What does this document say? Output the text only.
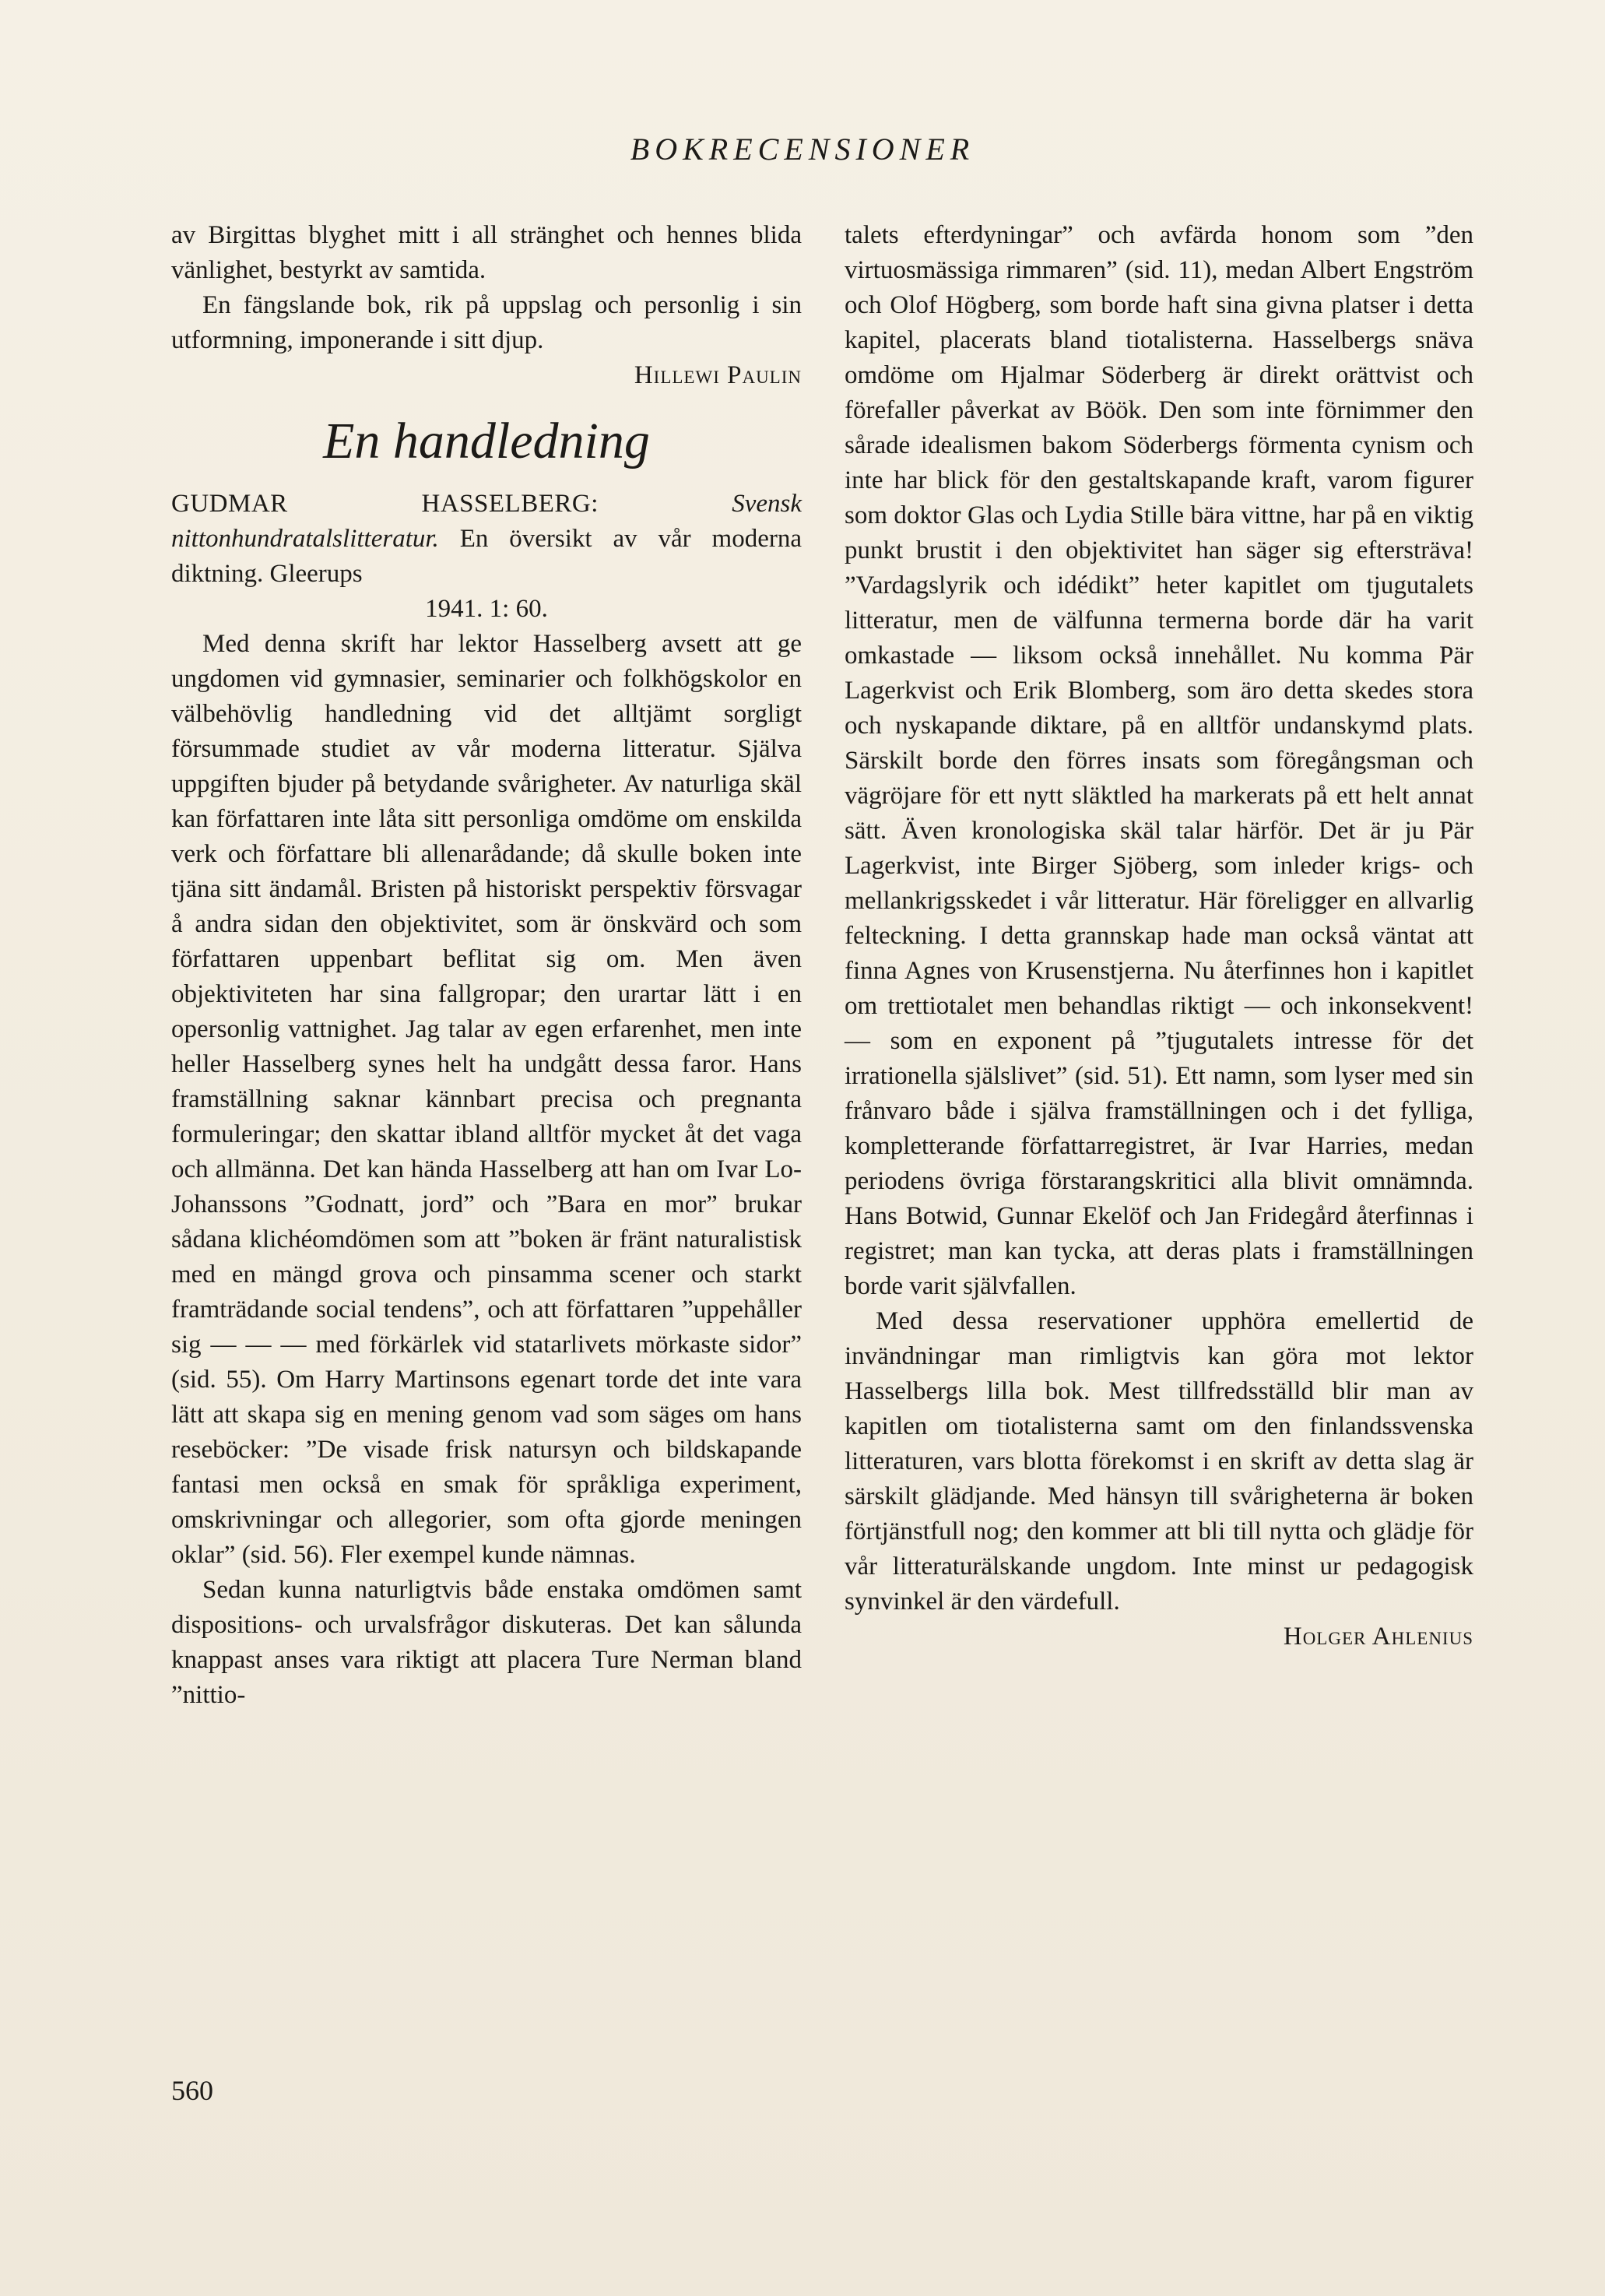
BOKRECENSIONER

av Birgittas blyghet mitt i all stränghet och hennes blida vänlighet, bestyrkt av samtida.

En fängslande bok, rik på uppslag och personlig i sin utformning, imponerande i sitt djup.

Hillewi Paulin

En handledning

GUDMAR HASSELBERG:	Svensk nittonhundratalslitteratur. En översikt av vår moderna diktning. Gleerups

1941. 1: 60.

Med denna skrift har lektor Hasselberg avsett att ge ungdomen vid gymnasier, seminarier och folkhögskolor en välbehövlig handledning vid det alltjämt sorgligt försummade studiet av vår moderna litteratur. Själva uppgiften bjuder på betydande svårigheter. Av naturliga skäl kan författaren inte låta sitt personliga omdöme om enskilda verk och författare bli allenarådande; då skulle boken inte tjäna sitt ändamål. Bristen på historiskt perspektiv försvagar å andra sidan den objektivitet, som är önskvärd och som författaren uppenbart beflitat sig om. Men även objektiviteten har sina fallgropar; den urartar lätt i en opersonlig vattnighet. Jag talar av egen erfarenhet, men inte heller Hasselberg synes helt ha undgått dessa faror. Hans framställning saknar kännbart precisa och pregnanta formuleringar; den skattar ibland alltför mycket åt det vaga och allmänna. Det kan hända Hasselberg att han om Ivar Lo-Johanssons ”Godnatt, jord” och ”Bara en mor” brukar sådana klichéomdömen som att ”boken är fränt naturalistisk med en mängd grova och pinsamma scener och starkt framträdande social tendens”, och att författaren ”uppehåller sig — — — med förkärlek vid statarlivets mörkaste sidor” (sid. 55). Om Harry Martinsons egenart torde det inte vara lätt att skapa sig en mening genom vad som säges om hans reseböcker: ”De visade frisk natursyn och bildskapande fantasi men också en smak för språkliga experiment, omskrivningar och allegorier, som ofta gjorde meningen oklar” (sid. 56). Fler exempel kunde nämnas.

Sedan kunna naturligtvis både enstaka omdömen samt dispositions- och urvalsfrågor diskuteras. Det kan sålunda knappast anses vara riktigt att placera Ture Nerman bland ”nittio-

talets efterdyningar” och avfärda honom som ”den virtuosmässiga rimmaren” (sid. 11), medan Albert Engström och Olof Högberg, som borde haft sina givna platser i detta kapitel, placerats bland tiotalisterna. Hasselbergs snäva omdöme om Hjalmar Söderberg är direkt orättvist och förefaller påverkat av Böök. Den som inte förnimmer den sårade idealismen bakom Söderbergs förmenta cynism och inte har blick för den gestaltskapande kraft, varom figurer som doktor Glas och Lydia Stille bära vittne, har på en viktig punkt brustit i den objektivitet han säger sig eftersträva! ”Vardagslyrik och idédikt” heter kapitlet om tjugutalets litteratur, men de välfunna termerna borde där ha varit omkastade — liksom också innehållet. Nu komma Pär Lagerkvist och Erik Blomberg, som äro detta skedes stora och nyskapande diktare, på en alltför undanskymd plats. Särskilt borde den förres insats som föregångsman och vägröjare för ett nytt släktled ha markerats på ett helt annat sätt. Även kronologiska skäl talar härför. Det är ju Pär Lagerkvist, inte Birger Sjöberg, som inleder krigs- och mellankrigsskedet i vår litteratur. Här föreligger en allvarlig felteckning. I detta grannskap hade man också väntat att finna Agnes von Krusenstjerna. Nu återfinnes hon i kapitlet om trettiotalet men behandlas riktigt — och inkonsekvent! — som en exponent på ”tjugutalets intresse för det irrationella själslivet” (sid. 51). Ett namn, som lyser med sin frånvaro både i själva framställningen och i det fylliga, kompletterande författarregistret, är Ivar Harries, medan periodens övriga förstarangskritici alla blivit omnämnda. Hans Botwid, Gunnar Ekelöf och Jan Fridegård återfinnas i registret; man kan tycka, att deras plats i framställningen borde varit självfallen.

Med dessa reservationer upphöra emellertid de invändningar man rimligtvis kan göra mot lektor Hasselbergs lilla bok. Mest tillfredsställd blir man av kapitlen om tiotalisterna samt om den finlandssvenska litteraturen, vars blotta förekomst i en skrift av detta slag är särskilt glädjande. Med hänsyn till svårigheterna är boken förtjänstfull nog; den kommer att bli till nytta och glädje för vår litteraturälskande ungdom. Inte minst ur pedagogisk synvinkel är den värdefull.

Holger Ahlenius

560
